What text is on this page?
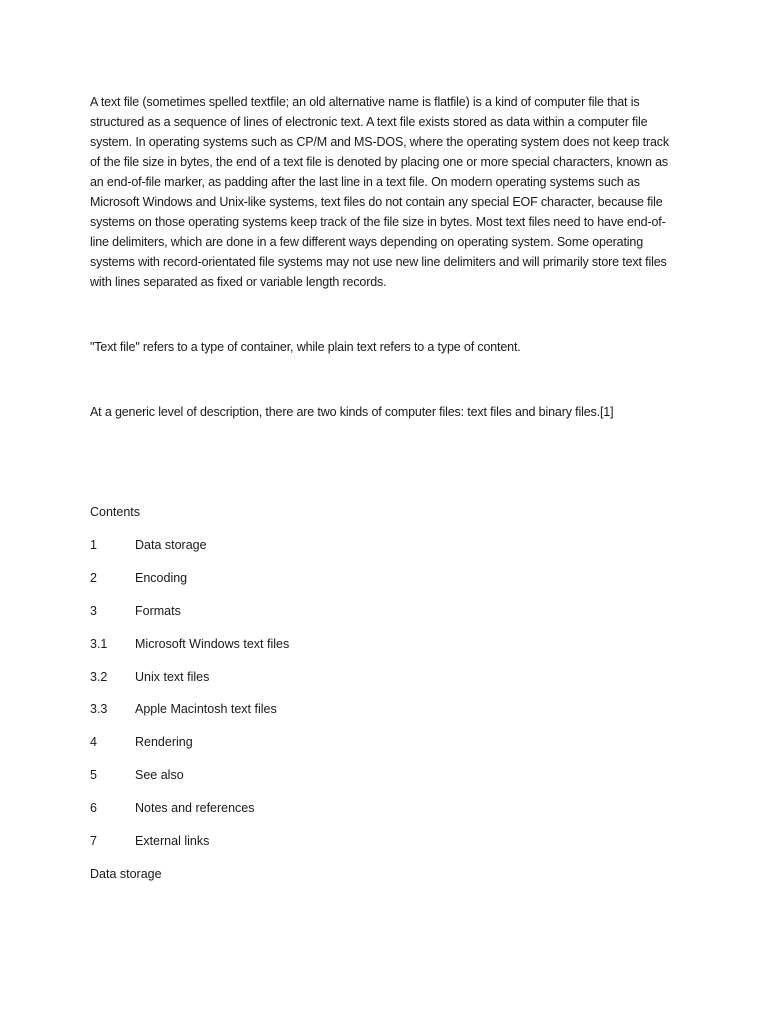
A text file (sometimes spelled textfile; an old alternative name is flatfile) is a kind of computer file that is structured as a sequence of lines of electronic text. A text file exists stored as data within a computer file system. In operating systems such as CP/M and MS-DOS, where the operating system does not keep track of the file size in bytes, the end of a text file is denoted by placing one or more special characters, known as an end-of-file marker, as padding after the last line in a text file. On modern operating systems such as Microsoft Windows and Unix-like systems, text files do not contain any special EOF character, because file systems on those operating systems keep track of the file size in bytes. Most text files need to have end-of-line delimiters, which are done in a few different ways depending on operating system. Some operating systems with record-orientated file systems may not use new line delimiters and will primarily store text files with lines separated as fixed or variable length records.

"Text file" refers to a type of container, while plain text refers to a type of content.

At a generic level of description, there are two kinds of computer files: text files and binary files.[1]

Contents

1	Data storage
2	Encoding
3	Formats
3.1 Microsoft Windows text files
3.2 Unix text files
3.3 Apple Macintosh text files
4	Rendering
5	See also
6	Notes and references
7	External links
Data storage
